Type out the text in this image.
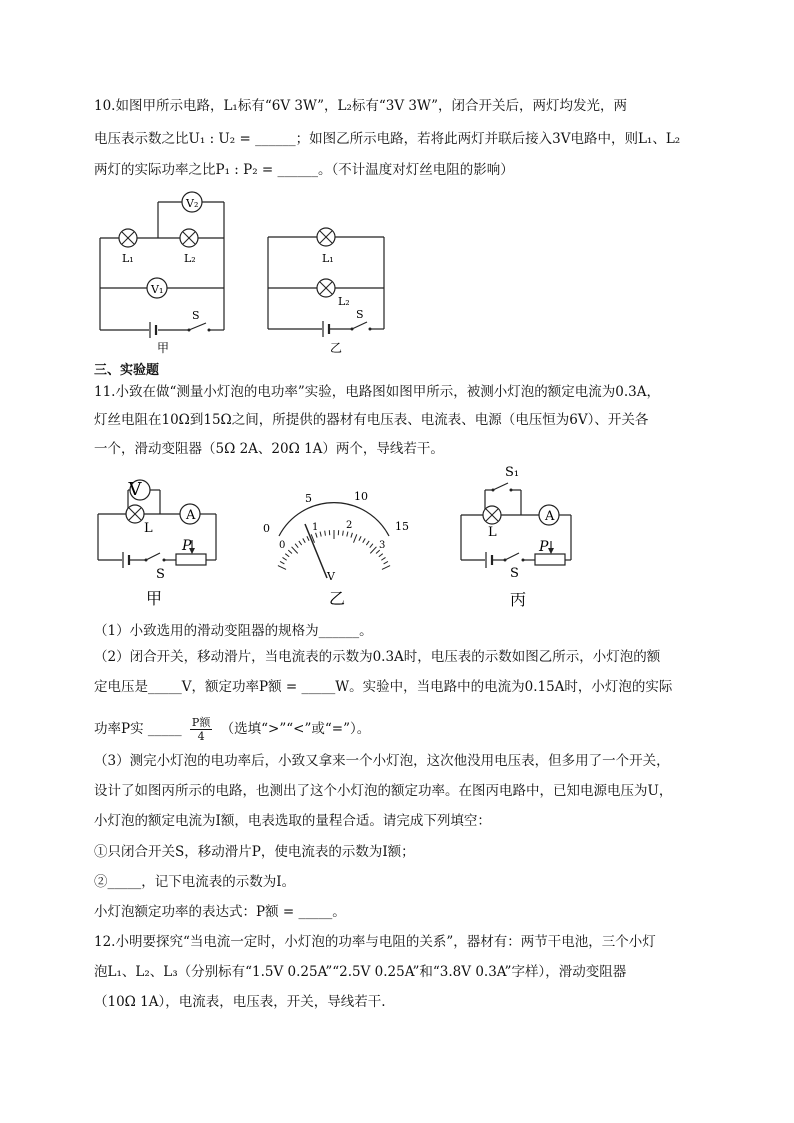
10.如图甲所示电路，L₁标有“6V 3W”，L₂标有“3V 3W”，闭合开关后，两灯均发光，两
电压表示数之比U₁ : U₂ = ______；如图乙所示电路，若将此两灯并联后接入3V电路中，则L₁、L₂
两灯的实际功率之比P₁ : P₂ = ______。（不计温度对灯丝电阻的影响）
V₂
V₁
L₁	L₂
S
甲
L₁
L₂
S
乙
三、实验题
11.小致在做“测量小灯泡的电功率”实验，电路图如图甲所示，被测小灯泡的额定电流为0.3A，
灯丝电阻在10Ω到15Ω之间，所提供的器材有电压表、电流表、电源（电压恒为6V）、开关各
一个，滑动变阻器（5Ω 2A、20Ω 1A）两个，导线若干。
V
L
A
P
S
甲
0
5	10
15
0
1	2
3
V
乙
S₁
L
A
P
S
丙
（1）小致选用的滑动变阻器的规格为______。
（2）闭合开关，移动滑片，当电流表的示数为0.3A时，电压表的示数如图乙所示，小灯泡的额
定电压是_____V，额定功率P额 = _____W。实验中，当电路中的电流为0.15A时，小灯泡的实际
功率P实 _____ P额
4	（选填“>”“<”或“=”）。
（3）测完小灯泡的电功率后，小致又拿来一个小灯泡，这次他没用电压表，但多用了一个开关，
设计了如图丙所示的电路，也测出了这个小灯泡的额定功率。在图丙电路中，已知电源电压为U，
小灯泡的额定电流为I额，电表选取的量程合适。请完成下列填空：
①只闭合开关S，移动滑片P，使电流表的示数为I额；
②_____，记下电流表的示数为I。
小灯泡额定功率的表达式：P额 = _____。
12.小明要探究“当电流一定时，小灯泡的功率与电阻的关系”，器材有：两节干电池，三个小灯
泡L₁、L₂、L₃（分别标有“1.5V 0.25A”“2.5V 0.25A”和“3.8V 0.3A”字样），滑动变阻器
（10Ω 1A），电流表，电压表，开关，导线若干.
